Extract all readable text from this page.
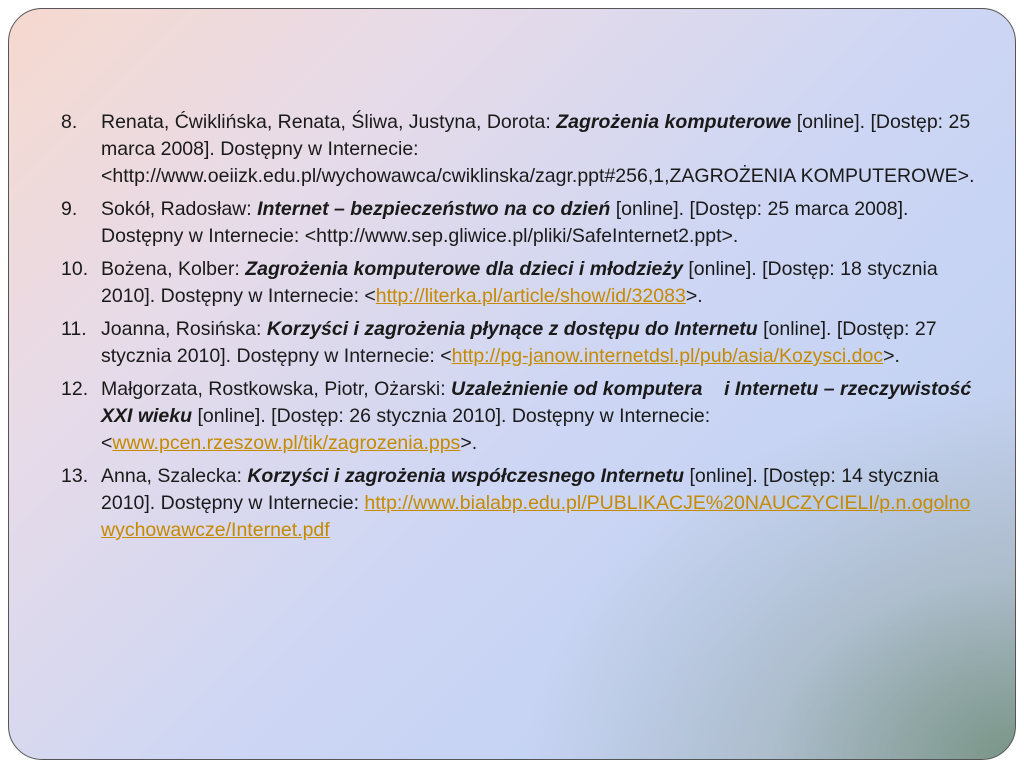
8.	Renata, Ćwiklińska, Renata, Śliwa, Justyna, Dorota: Zagrożenia komputerowe [online]. [Dostęp: 25 marca 2008]. Dostępny w Internecie: <http://www.oeiizk.edu.pl/wychowawca/cwiklinska/zagr.ppt#256,1,ZAGROŻENIA KOMPUTEROWE>.
9.	Sokół, Radosław: Internet – bezpieczeństwo na co dzień [online]. [Dostęp: 25 marca 2008]. Dostępny w Internecie: <http://www.sep.gliwice.pl/pliki/SafeInternet2.ppt>.
10. Bożena, Kolber: Zagrożenia komputerowe dla dzieci i młodzieży [online]. [Dostęp: 18 stycznia 2010]. Dostępny w Internecie: <http://literka.pl/article/show/id/32083>.
11. Joanna, Rosińska: Korzyści i zagrożenia płynące z dostępu do Internetu [online]. [Dostęp: 27 stycznia 2010]. Dostępny w Internecie: <http://pg-janow.internetdsl.pl/pub/asia/Kozysci.doc>.
12. Małgorzata, Rostkowska, Piotr, Ożarski: Uzależnienie od komputera    i Internetu – rzeczywistość XXI wieku [online]. [Dostęp: 26 stycznia 2010]. Dostępny w Internecie: <www.pcen.rzeszow.pl/tik/zagrozenia.pps>.
13. Anna, Szalecka: Korzyści i zagrożenia współczesnego Internetu [online]. [Dostęp: 14 stycznia 2010]. Dostępny w Internecie: http://www.bialabp.edu.pl/PUBLIKACJE%20NAUCZYCIELI/p.n.ogolnowychowawcze/Internet.pdf
